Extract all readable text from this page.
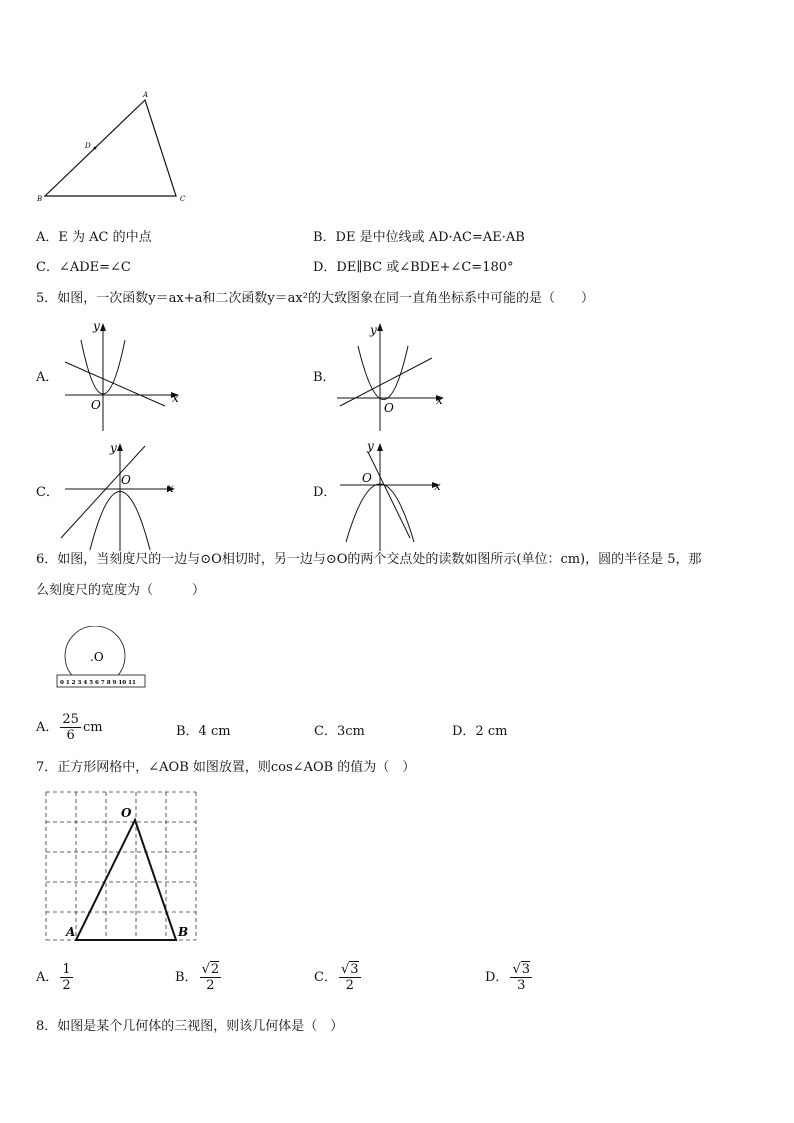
A
B	C
D
A．E 为 AC 的中点	B．DE 是中位线或 AD·AC=AE·AB
C．∠ADE=∠C	D．DE∥BC 或∠BDE+∠C=180°
5．如图，一次函数y＝ax+a和二次函数y＝ax²的大致图象在同一直角坐标系中可能的是（　　）
A．
y
x
O
B．
y
x
O
C．
y
x
O
D．
y
x
O
6．如图，当刻度尺的一边与⊙O相切时，另一边与⊙O的两个交点处的读数如图所示(单位：cm)，圆的半径是 5，那
么刻度尺的宽度为（　　　）
0 1 2 3 4 5 6 7 8 9 10 11
.O
A． $\frac{25}{6}$ cm	B．4 cm	C．3cm	D．2 cm
7．正方形网格中，∠AOB 如图放置，则cos∠AOB 的值为（　）
O
A	B
A． $\frac{1}{2}$	B． $\frac{√2}{2}$	C． $\frac{√3}{2}$	D． $\frac{√3}{3}$
8．如图是某个几何体的三视图，则该几何体是（　）
